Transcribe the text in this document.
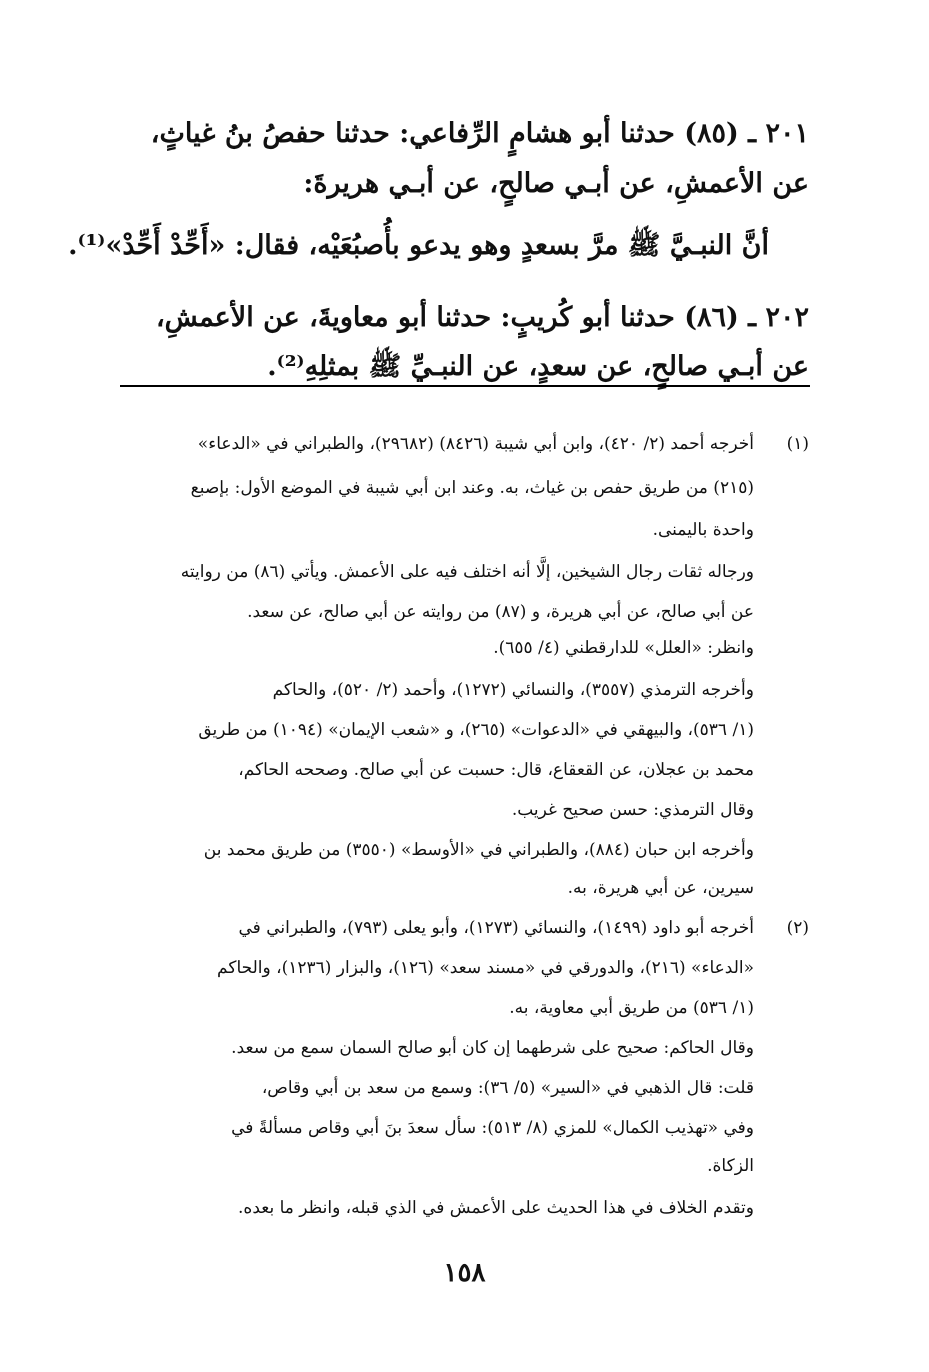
٢٠١ ـ (٨٥) حدثنا أبو هشامٍ الرِّفاعي: حدثنا حفصُ بنُ غياثٍ،
عن الأعمشِ، عن أبـي صالحٍ، عن أبـي هريرةَ:
أنَّ النبـيَّ ﷺ مرَّ بسعدٍ وهو يدعو بأُصبُعَيْه، فقال: «أَحِّدْ أَحِّدْ»⁽¹⁾.
٢٠٢ ـ (٨٦) حدثنا أبو كُريبٍ: حدثنا أبو معاويةَ، عن الأعمشِ،
عن أبـي صالحٍ، عن سعدٍ، عن النبـيِّ ﷺ بمثلِهِ⁽²⁾.
(١)
أخرجه أحمد (٢/ ٤٢٠)، وابن أبي شيبة (٨٤٢٦) (٢٩٦٨٢)، والطبراني في «الدعاء»
(٢١٥) من طريق حفص بن غياث، به. وعند ابن أبي شيبة في الموضع الأول: بإصبع
واحدة باليمنى.
ورجاله ثقات رجال الشيخين، إلَّا أنه اختلف فيه على الأعمش. ويأتي (٨٦) من روايته
عن أبي صالح، عن أبي هريرة، و (٨٧) من روايته عن أبي صالح، عن سعد.
وانظر: «العلل» للدارقطني (٤/ ٦٥٥).
وأخرجه الترمذي (٣٥٥٧)، والنسائي (١٢٧٢)، وأحمد (٢/ ٥٢٠)، والحاكم
(١/ ٥٣٦)، والبيهقي في «الدعوات» (٢٦٥)، و «شعب الإيمان» (١٠٩٤) من طريق
محمد بن عجلان، عن القعقاع، قال: حسبت عن أبي صالح. وصححه الحاكم،
وقال الترمذي: حسن صحيح غريب.
وأخرجه ابن حبان (٨٨٤)، والطبراني في «الأوسط» (٣٥٥٠) من طريق محمد بن
سيرين، عن أبي هريرة، به.
(٢)
أخرجه أبو داود (١٤٩٩)، والنسائي (١٢٧٣)، وأبو يعلى (٧٩٣)، والطبراني في
«الدعاء» (٢١٦)، والدورقي في «مسند سعد» (١٢٦)، والبزار (١٢٣٦)، والحاكم
(١/ ٥٣٦) من طريق أبي معاوية، به.
وقال الحاكم: صحيح على شرطهما إن كان أبو صالح السمان سمع من سعد.
قلت: قال الذهبي في «السير» (٥/ ٣٦): وسمع من سعد بن أبي وقاص،
وفي «تهذيب الكمال» للمزي (٨/ ٥١٣): سأل سعدَ بنَ أبي وقاص مسألةً في
الزكاة.
وتقدم الخلاف في هذا الحديث على الأعمش في الذي قبله، وانظر ما بعده.
١٥٨
